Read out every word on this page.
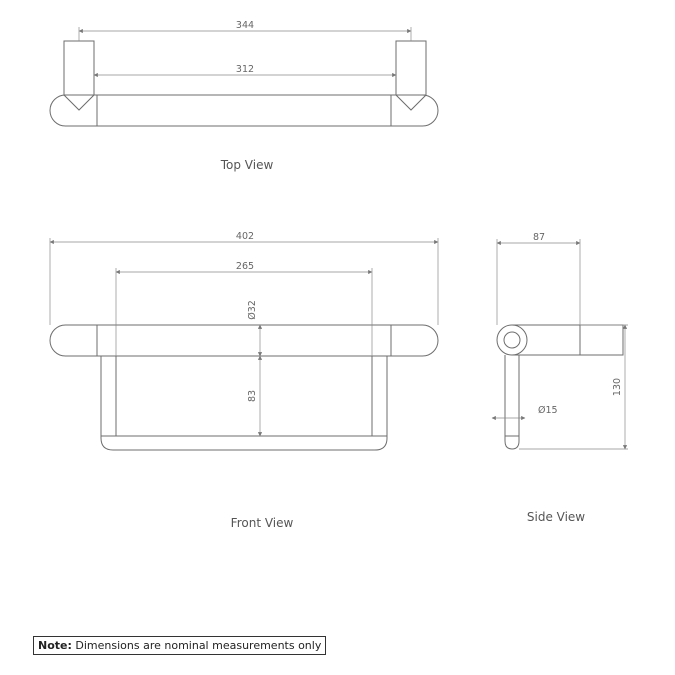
344
312
Top View
402
265
Ø32
83
Front View
87
Ø15
130
Side View
Note: Dimensions are nominal measurements only
